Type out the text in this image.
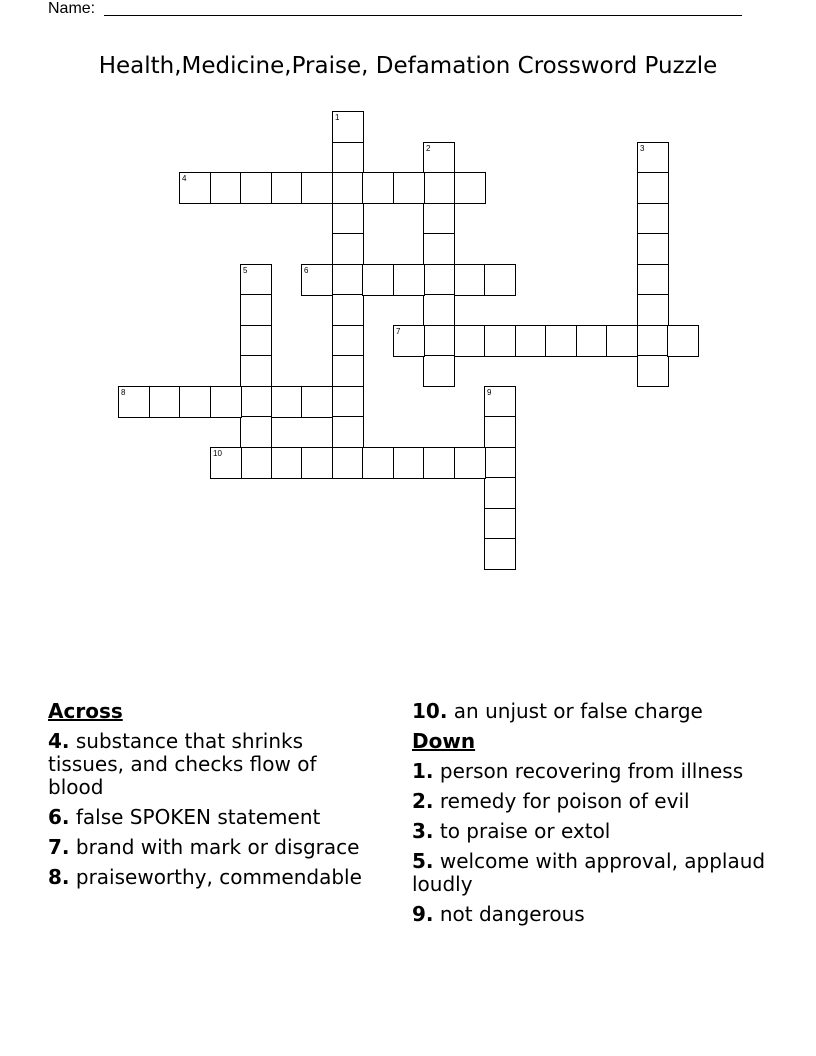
Name:
Health,Medicine,Praise, Defamation Crossword Puzzle
1
2	3
4
5	6
7
8	9
10
Across
4. substance that shrinks tissues, and checks flow of blood
6. false SPOKEN statement
7. brand with mark or disgrace
8. praiseworthy, commendable
10. an unjust or false charge
Down
1. person recovering from illness
2. remedy for poison of evil
3. to praise or extol
5. welcome with approval, applaud loudly
9. not dangerous
